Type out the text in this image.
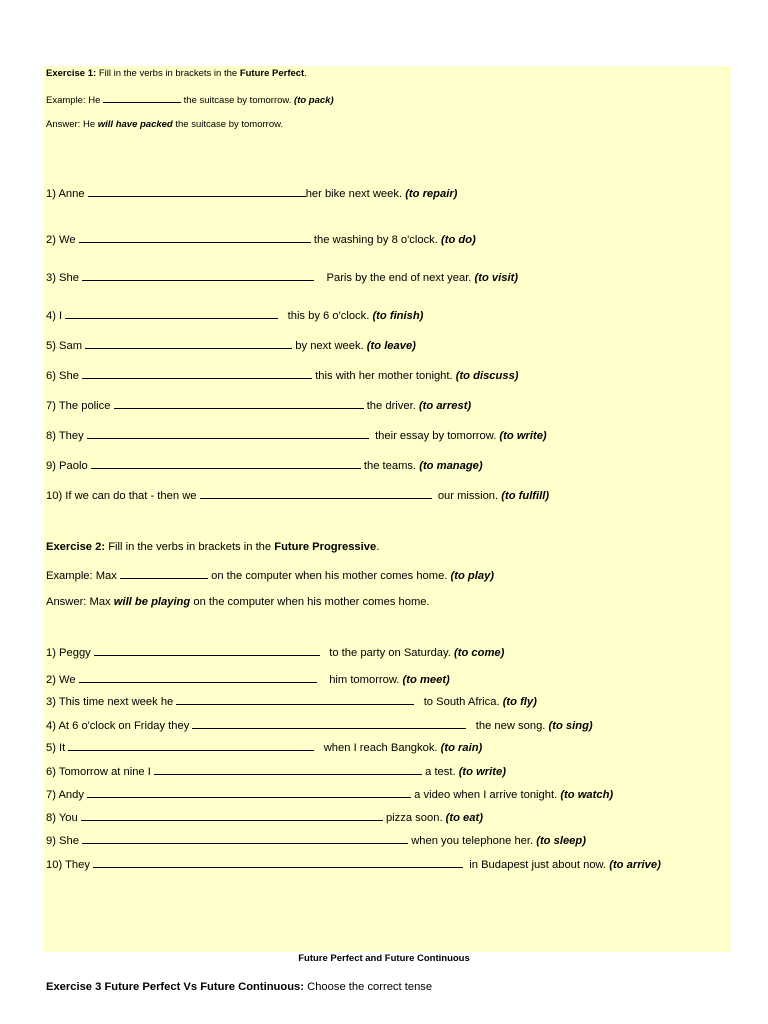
Exercise 1: Fill in the verbs in brackets in the Future Perfect.
Example: He	the suitcase by tomorrow. (to pack)
Answer: He will have packed the suitcase by tomorrow.
1) Anne	her bike next week. (to repair)
2) We	the washing by 8 o'clock. (to do)
3) She	Paris by the end of next year. (to visit)
4) I	this by 6 o'clock. (to finish)
5) Sam	by next week. (to leave)
6) She	this with her mother tonight. (to discuss)
7) The police	the driver. (to arrest)
8) They	their essay by tomorrow. (to write)
9) Paolo	the teams. (to manage)
10) If we can do that - then we	our mission. (to fulfill)
Exercise 2: Fill in the verbs in brackets in the Future Progressive.
Example: Max	on the computer when his mother comes home. (to play)
Answer: Max will be playing on the computer when his mother comes home.
1) Peggy	to the party on Saturday. (to come)
2) We	him tomorrow. (to meet)
3) This time next week he	to South Africa. (to fly)
4) At 6 o'clock on Friday they	the new song. (to sing)
5) It	when I reach Bangkok. (to rain)
6) Tomorrow at nine I	a test. (to write)
7) Andy	a video when I arrive tonight. (to watch)
8) You	pizza soon. (to eat)
9) She	when you telephone her. (to sleep)
10) They	in Budapest just about now. (to arrive)
Future Perfect and Future Continuous
Exercise 3 Future Perfect Vs Future Continuous: Choose the correct tense
